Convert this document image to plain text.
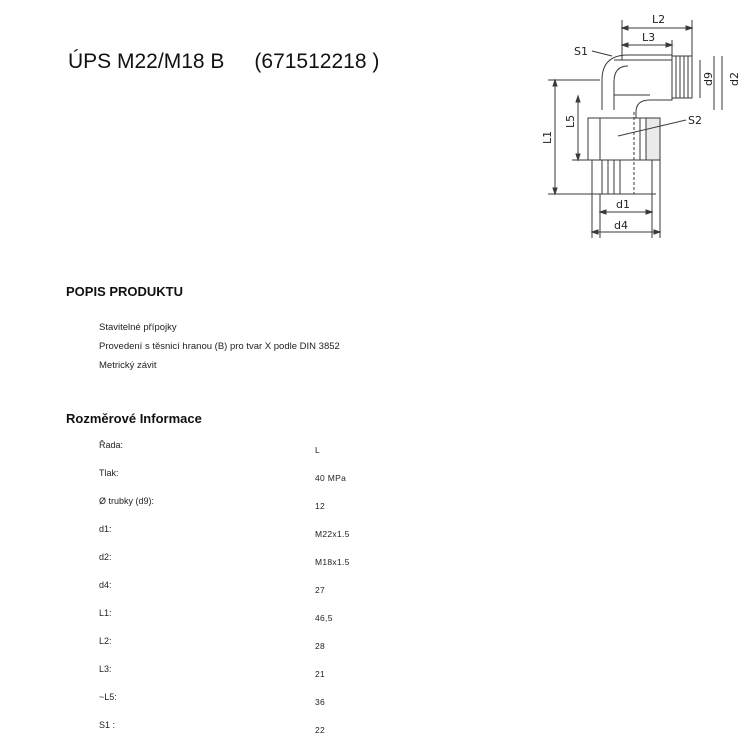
ÚPS M22/M18 B (671512218 )
L2
L3
S1
d9 d2
S2
L1
L5
d1
d4
POPIS PRODUKTU
Stavitelné přípojky
Provedení s těsnicí hranou (B) pro tvar X podle DIN 3852
Metrický závit
Rozměrové Informace
Řada:	L
Tlak:	40 MPa
Ø trubky (d9):	12
d1:	M22x1.5
d2:	M18x1.5
d4:	27
L1:	46,5
L2:	28
L3:	21
~L5:	36
S1 :	22
